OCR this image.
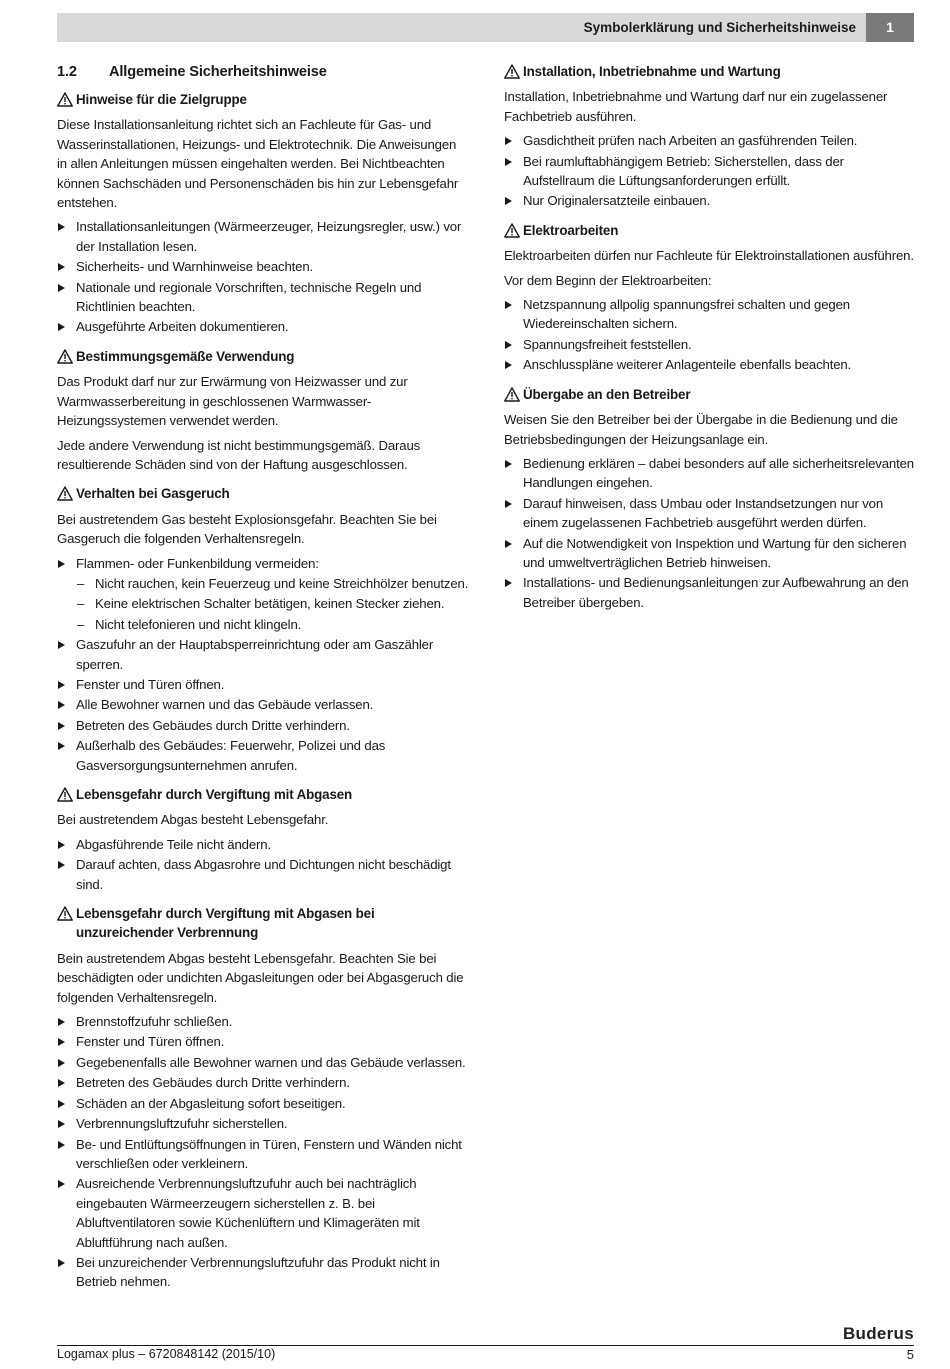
Symbolerklärung und Sicherheitshinweise	1
1.2	Allgemeine Sicherheitshinweise
Hinweise für die Zielgruppe
Diese Installationsanleitung richtet sich an Fachleute für Gas- und Wasserinstallationen, Heizungs- und Elektrotechnik. Die Anweisungen in allen Anleitungen müssen eingehalten werden. Bei Nichtbeachten können Sachschäden und Personenschäden bis hin zur Lebensgefahr entstehen.
Installationsanleitungen (Wärmeerzeuger, Heizungsregler, usw.) vor der Installation lesen.
Sicherheits- und Warnhinweise beachten.
Nationale und regionale Vorschriften, technische Regeln und Richtlinien beachten.
Ausgeführte Arbeiten dokumentieren.
Bestimmungsgemäße Verwendung
Das Produkt darf nur zur Erwärmung von Heizwasser und zur Warmwasserbereitung in geschlossenen Warmwasser-Heizungssystemen verwendet werden.
Jede andere Verwendung ist nicht bestimmungsgemäß. Daraus resultierende Schäden sind von der Haftung ausgeschlossen.
Verhalten bei Gasgeruch
Bei austretendem Gas besteht Explosionsgefahr. Beachten Sie bei Gasgeruch die folgenden Verhaltensregeln.
Flammen- oder Funkenbildung vermeiden:
– Nicht rauchen, kein Feuerzeug und keine Streichhölzer benutzen.
– Keine elektrischen Schalter betätigen, keinen Stecker ziehen.
– Nicht telefonieren und nicht klingeln.
Gaszufuhr an der Hauptabsperreinrichtung oder am Gaszähler sperren.
Fenster und Türen öffnen.
Alle Bewohner warnen und das Gebäude verlassen.
Betreten des Gebäudes durch Dritte verhindern.
Außerhalb des Gebäudes: Feuerwehr, Polizei und das Gasversorgungsunternehmen anrufen.
Lebensgefahr durch Vergiftung mit Abgasen
Bei austretendem Abgas besteht Lebensgefahr.
Abgasführende Teile nicht ändern.
Darauf achten, dass Abgasrohre und Dichtungen nicht beschädigt sind.
Lebensgefahr durch Vergiftung mit Abgasen bei unzureichender Verbrennung
Bein austretendem Abgas besteht Lebensgefahr. Beachten Sie bei beschädigten oder undichten Abgasleitungen oder bei Abgasgeruch die folgenden Verhaltensregeln.
Brennstoffzufuhr schließen.
Fenster und Türen öffnen.
Gegebenenfalls alle Bewohner warnen und das Gebäude verlassen.
Betreten des Gebäudes durch Dritte verhindern.
Schäden an der Abgasleitung sofort beseitigen.
Verbrennungsluftzufuhr sicherstellen.
Be- und Entlüftungsöffnungen in Türen, Fenstern und Wänden nicht verschließen oder verkleinern.
Ausreichende Verbrennungsluftzufuhr auch bei nachträglich eingebauten Wärmeerzeugern sicherstellen z. B. bei Abluftventilatoren sowie Küchenlüftern und Klimageräten mit Abluftführung nach außen.
Bei unzureichender Verbrennungsluftzufuhr das Produkt nicht in Betrieb nehmen.
Installation, Inbetriebnahme und Wartung
Installation, Inbetriebnahme und Wartung darf nur ein zugelassener Fachbetrieb ausführen.
Gasdichtheit prüfen nach Arbeiten an gasführenden Teilen.
Bei raumluftabhängigem Betrieb: Sicherstellen, dass der Aufstellraum die Lüftungsanforderungen erfüllt.
Nur Originalersatzteile einbauen.
Elektroarbeiten
Elektroarbeiten dürfen nur Fachleute für Elektroinstallationen ausführen.
Vor dem Beginn der Elektroarbeiten:
Netzspannung allpolig spannungsfrei schalten und gegen Wiedereinschalten sichern.
Spannungsfreiheit feststellen.
Anschlusspläne weiterer Anlagenteile ebenfalls beachten.
Übergabe an den Betreiber
Weisen Sie den Betreiber bei der Übergabe in die Bedienung und die Betriebsbedingungen der Heizungsanlage ein.
Bedienung erklären – dabei besonders auf alle sicherheitsrelevanten Handlungen eingehen.
Darauf hinweisen, dass Umbau oder Instandsetzungen nur von einem zugelassenen Fachbetrieb ausgeführt werden dürfen.
Auf die Notwendigkeit von Inspektion und Wartung für den sicheren und umweltverträglichen Betrieb hinweisen.
Installations- und Bedienungsanleitungen zur Aufbewahrung an den Betreiber übergeben.
Buderus
Logamax plus – 6720848142 (2015/10)	5
